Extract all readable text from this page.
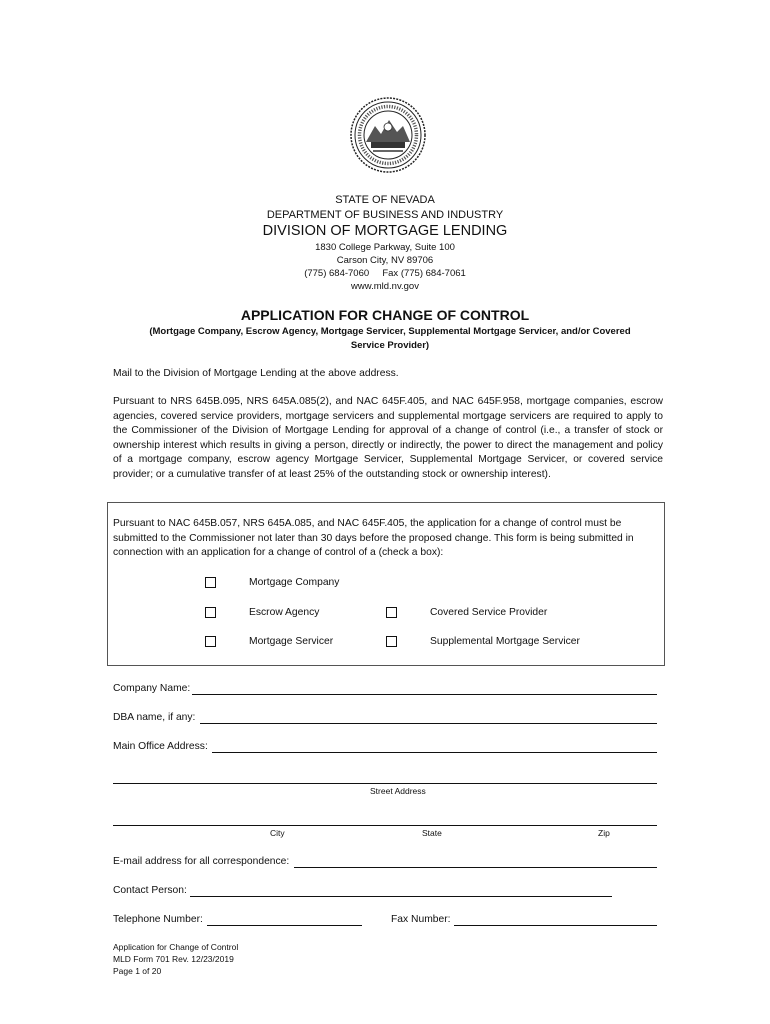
STATE OF NEVADA
DEPARTMENT OF BUSINESS AND INDUSTRY
DIVISION OF MORTGAGE LENDING
1830 College Parkway, Suite 100
Carson City, NV 89706
(775) 684-7060     Fax (775) 684-7061
www.mld.nv.gov
APPLICATION FOR CHANGE OF CONTROL
(Mortgage Company, Escrow Agency, Mortgage Servicer, Supplemental Mortgage Servicer, and/or Covered Service Provider)
Mail to the Division of Mortgage Lending at the above address.
Pursuant to NRS 645B.095, NRS 645A.085(2), and NAC 645F.405, and NAC 645F.958, mortgage companies, escrow agencies, covered service providers, mortgage servicers and supplemental mortgage servicers are required to apply to the Commissioner of the Division of Mortgage Lending for approval of a change of control (i.e., a transfer of stock or ownership interest which results in giving a person, directly or indirectly, the power to direct the management and policy of a mortgage company, escrow agency Mortgage Servicer, Supplemental Mortgage Servicer, or covered service provider; or a cumulative transfer of at least 25% of the outstanding stock or ownership interest).
Pursuant to NAC 645B.057, NRS 645A.085, and NAC 645F.405, the application for a change of control must be submitted to the Commissioner not later than 30 days before the proposed change. This form is being submitted in connection with an application for a change of control of a (check a box):
Mortgage Company
Escrow Agency	Covered Service Provider
Mortgage Servicer	Supplemental Mortgage Servicer
Company Name:
DBA name, if any:
Main Office Address:
Street Address
City	State	Zip
E-mail address for all correspondence:
Contact Person:
Telephone Number:	Fax Number:
Application for Change of Control
MLD Form 701 Rev. 12/23/2019
Page 1 of 20
